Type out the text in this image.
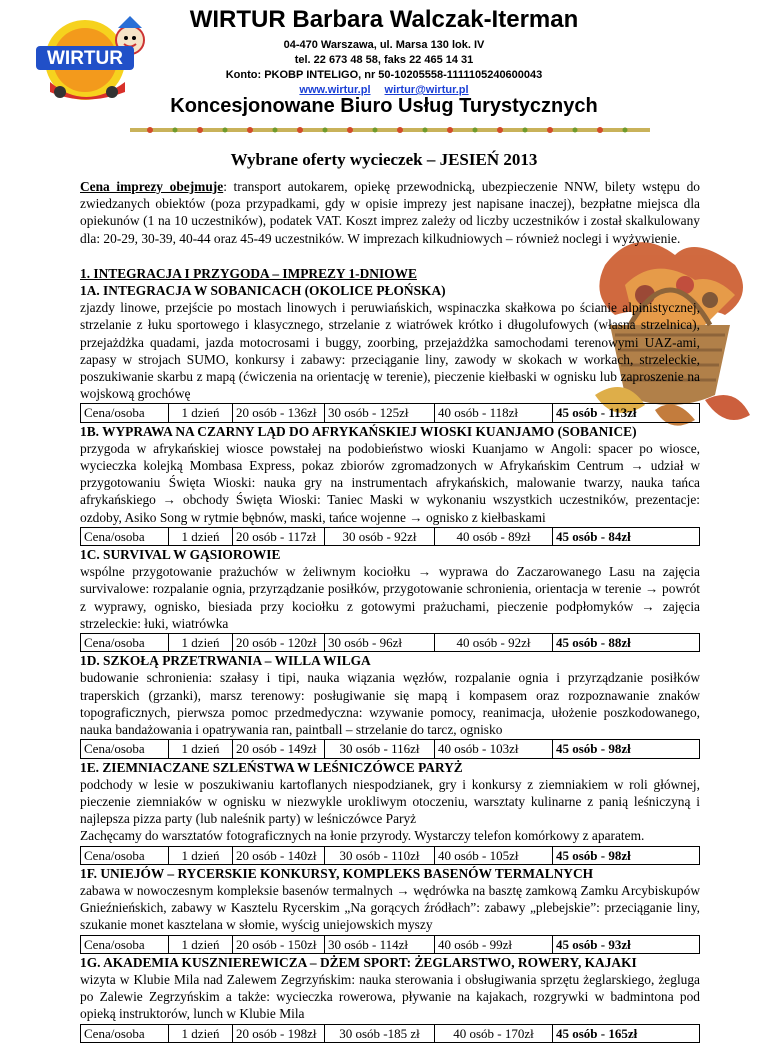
WIRTUR
WIRTUR Barbara Walczak-Iterman
04-470 Warszawa, ul. Marsa 130 lok. IV
tel. 22 673 48 58, faks 22 465 14 31
Konto: PKOBP INTELIGO, nr 50-10205558-1111105240600043
www.wirtur.pl wirtur@wirtur.pl
Koncesjonowane Biuro Usług Turystycznych
Wybrane oferty wycieczek – JESIEŃ 2013

Cena imprezy obejmuje: transport autokarem, opiekę przewodnicką, ubezpieczenie NNW, bilety wstępu do zwiedzanych obiektów (poza przypadkami, gdy w opisie imprezy jest napisane inaczej), bezpłatne miejsca dla opiekunów (1 na 10 uczestników), podatek VAT. Koszt imprez zależy od liczby uczestników i został skalkulowany dla: 20-29, 30-39, 40-44 oraz 45-49 uczestników. W imprezach kilkudniowych – również noclegi i wyżywienie.

1. INTEGRACJA I PRZYGODA – IMPREZY 1-DNIOWE
1A. INTEGRACJA W SOBANICACH (OKOLICE PŁOŃSKA)
zjazdy linowe, przejście po mostach linowych i peruwiańskich, wspinaczka skałkowa po ścianie alpinistycznej, strzelanie z łuku sportowego i klasycznego, strzelanie z wiatrówek krótko i długolufowych (własna strzelnica), przejażdżka quadami, jazda motocrosami i buggy, zoorbing, przejażdżka samochodami terenowymi UAZ-ami, zapasy w strojach SUMO, konkursy i zabawy: przeciąganie liny, zawody w skokach w workach, strzeleckie, poszukiwanie skarbu z mapą (ćwiczenia na orientację w terenie), pieczenie kiełbaski w ognisku lub zaproszenie na wojskową grochówę
Cena/osoba	1 dzień	20 osób - 136zł	30 osób - 125zł	40 osób - 118zł	45 osób - 113zł
1B. WYPRAWA NA CZARNY LĄD DO AFRYKAŃSKIEJ WIOSKI KUANJAMO (SOBANICE)
przygoda w afrykańskiej wiosce powstałej na podobieństwo wioski Kuanjamo w Angoli: spacer po wiosce, wycieczka kolejką Mombasa Express, pokaz zbiorów zgromadzonych w Afrykańskim Centrum → udział w przygotowaniu Święta Wioski: nauka gry na instrumentach afrykańskich, malowanie twarzy, nauka tańca afrykańskiego → obchody Święta Wioski: Taniec Maski w wykonaniu wszystkich uczestników, prezentacje: ozdoby, Asiko Song w rytmie bębnów, maski, tańce wojenne → ognisko z kiełbaskami
Cena/osoba	1 dzień	20 osób - 117zł	30 osób - 92zł	40 osób - 89zł	45 osób - 84zł
1C. SURVIVAL W GĄSIOROWIE
wspólne przygotowanie prażuchów w żeliwnym kociołku → wyprawa do Zaczarowanego Lasu na zajęcia survivalowe: rozpalanie ognia, przyrządzanie posiłków, przygotowanie schronienia, orientacja w terenie → powrót z wyprawy, ognisko, biesiada przy kociołku z gotowymi prażuchami, pieczenie podpłomyków → zajęcia strzeleckie: łuki, wiatrówka
Cena/osoba	1 dzień	20 osób - 120zł	30 osób - 96zł	40 osób - 92zł	45 osób - 88zł
1D. SZKOŁĄ PRZETRWANIA – WILLA WILGA
budowanie schronienia: szałasy i tipi, nauka wiązania węzłów, rozpalanie ognia i przyrządzanie posiłków traperskich (grzanki), marsz terenowy: posługiwanie się mapą i kompasem oraz rozpoznawanie znaków topograficznych, pierwsza pomoc przedmedyczna: wzywanie pomocy, reanimacja, ułożenie poszkodowanego, nauka bandażowania i opatrywania ran, paintball – strzelanie do tarcz, ognisko
Cena/osoba	1 dzień	20 osób - 149zł	30 osób - 116zł	40 osób - 103zł	45 osób - 98zł
1E. ZIEMNIACZANE SZLEŃSTWA W LEŚNICZÓWCE PARYŻ
podchody w lesie w poszukiwaniu kartoflanych niespodzianek, gry i konkursy z ziemniakiem w roli głównej, pieczenie ziemniaków w ognisku w niezwykle urokliwym otoczeniu, warsztaty kulinarne z panią leśniczyną i najlepsza pizza party (lub naleśnik party) w leśniczówce Paryż
Zachęcamy do warsztatów fotograficznych na łonie przyrody. Wystarczy telefon komórkowy z aparatem.
Cena/osoba	1 dzień	20 osób - 140zł	30 osób - 110zł	40 osób - 105zł	45 osób - 98zł
1F. UNIEJÓW – RYCERSKIE KONKURSY, KOMPLEKS BASENÓW TERMALNYCH
zabawa w nowoczesnym kompleksie basenów termalnych → wędrówka na basztę zamkową Zamku Arcybiskupów Gnieźnieńskich, zabawy w Kasztelu Rycerskim „Na gorących źródłach”: zabawy „plebejskie”: przeciąganie liny, szukanie monet kasztelana w słomie, wyścig uniejowskich myszy
Cena/osoba	1 dzień	20 osób - 150zł	30 osób - 114zł	40 osób - 99zł	45 osób - 93zł
1G. AKADEMIA KUSZNIEREWICZA – DŻEM SPORT: ŻEGLARSTWO, ROWERY, KAJAKI
wizyta w Klubie Mila nad Zalewem Zegrzyńskim: nauka sterowania i obsługiwania sprzętu żeglarskiego, żegluga po Zalewie Zegrzyńskim a także: wycieczka rowerowa, pływanie na kajakach, rozgrywki w badmintona pod opieką instruktorów, lunch w Klubie Mila
Cena/osoba	1 dzień	20 osób - 198zł	30 osób -185 zł	40 osób - 170zł	45 osób - 165zł
